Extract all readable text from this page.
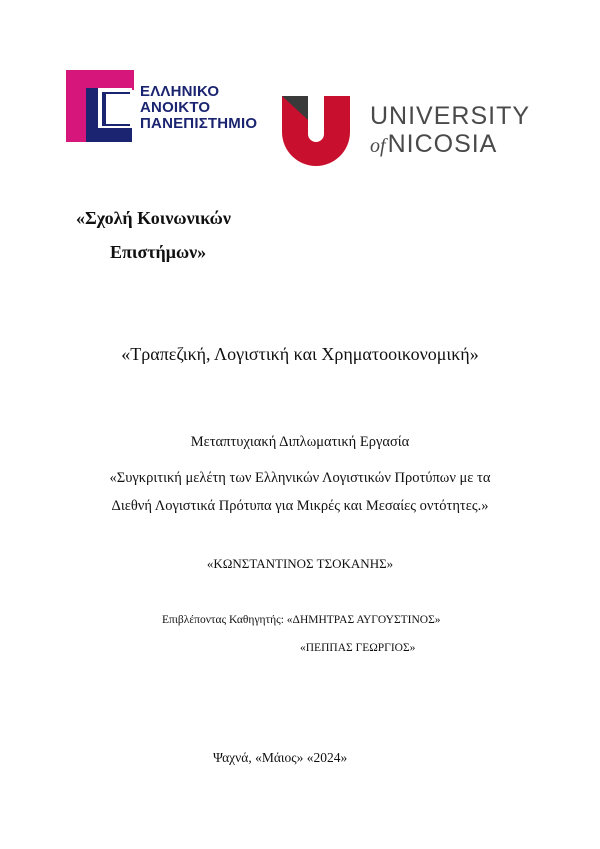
ΕΛΛΗΝΙΚΟ
ΑΝΟΙΚΤΟ
ΠΑΝΕΠΙΣΤΗΜΙΟ	UNIVERSITY
ofNICOSIA
«Σχολή Κοινωνικών
Επιστήμων»
«Τραπεζική, Λογιστική και Χρηματοοικονομική»
Μεταπτυχιακή Διπλωματική Εργασία
«Συγκριτική μελέτη των Ελληνικών Λογιστικών Προτύπων με τα
Διεθνή Λογιστικά Πρότυπα για Μικρές και Μεσαίες οντότητες.»
«ΚΩΝΣΤΑΝΤΙΝΟΣ ΤΣΟΚΑΝΗΣ»
Επιβλέποντας Καθηγητής: «ΔΗΜΗΤΡΑΣ ΑΥΓΟΥΣΤΙΝΟΣ»
«ΠΕΠΠΑΣ ΓΕΩΡΓΙΟΣ»
Ψαχνά, «Μάιος» «2024»
